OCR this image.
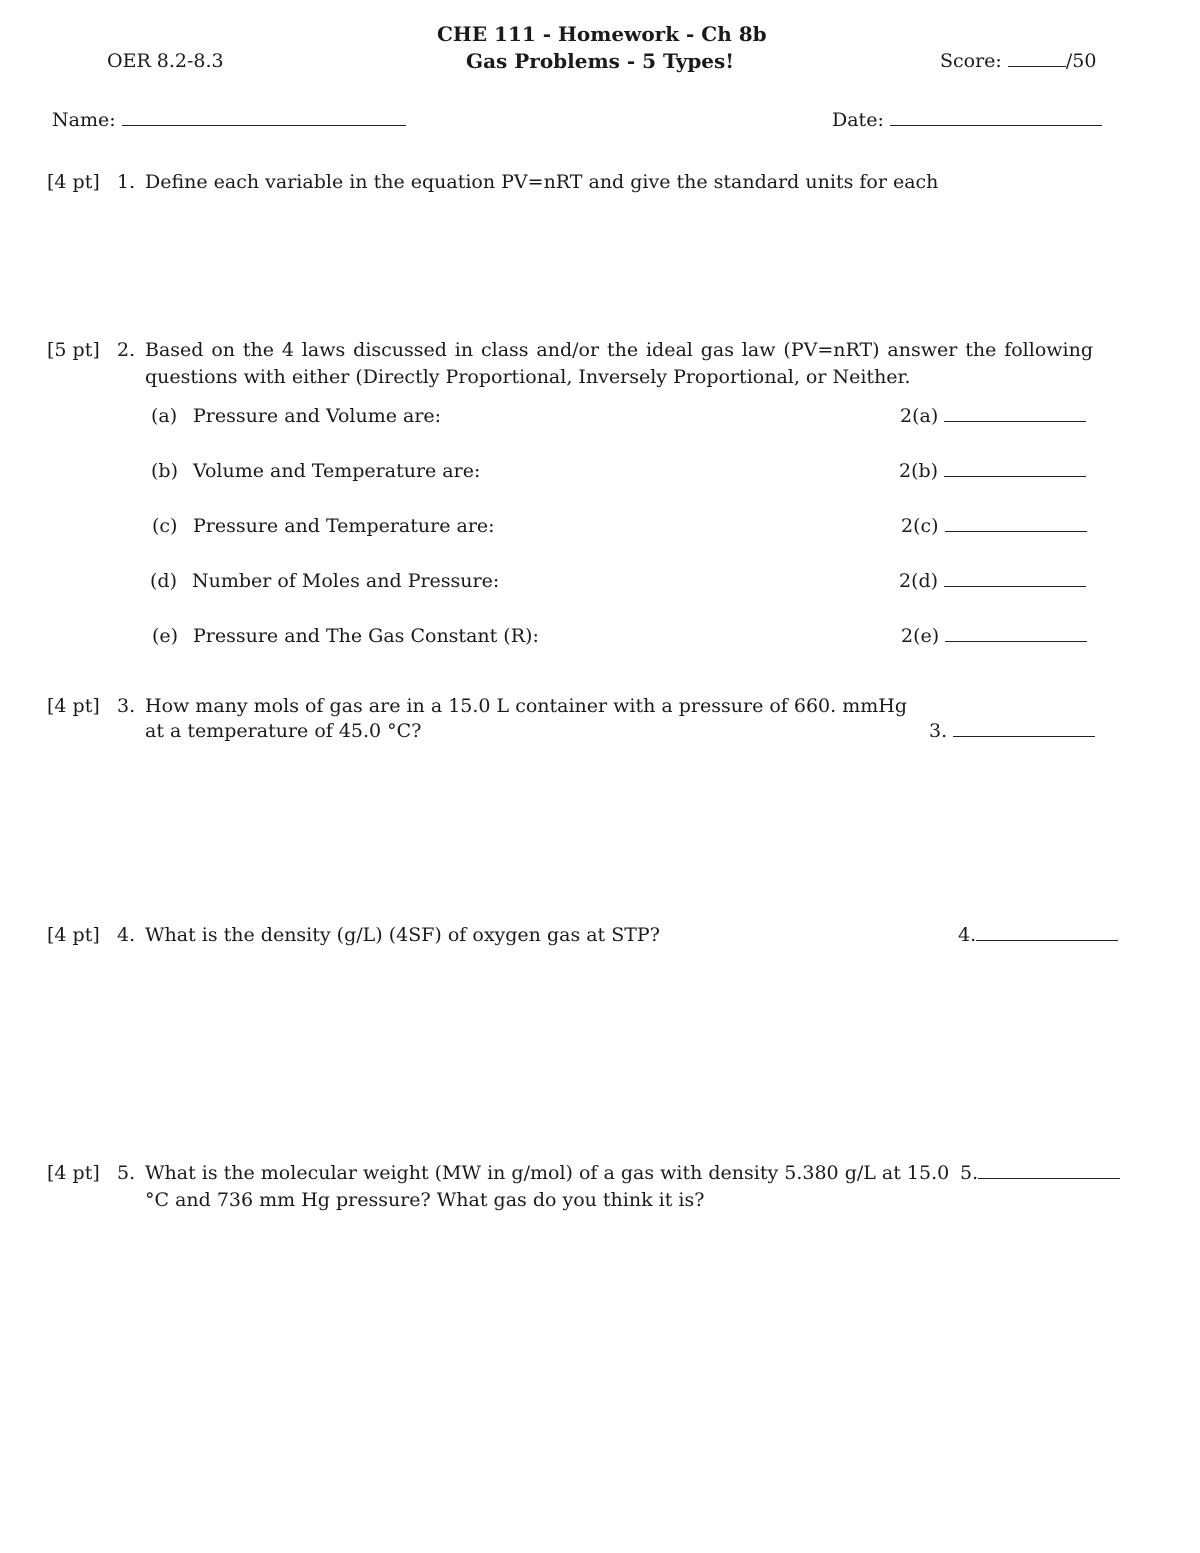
CHE 111 - Homework - Ch 8b
OER 8.2-8.3	Gas Problems - 5 Types!	Score:	/50
Name:	Date:
[4 pt] 1. Define each variable in the equation PV=nRT and give the standard units for each
[5 pt] 2. Based on the 4 laws discussed in class and/or the ideal gas law (PV=nRT) answer the following questions with either (Directly Proportional, Inversely Proportional, or Neither.
(a) Pressure and Volume are:	2(a)
(b) Volume and Temperature are:	2(b)
(c) Pressure and Temperature are:	2(c)
(d) Number of Moles and Pressure:	2(d)
(e) Pressure and The Gas Constant (R):	2(e)
[4 pt] 3. How many mols of gas are in a 15.0 L container with a pressure of 660. mmHg
at a temperature of 45.0 °C?	3.
[4 pt] 4. What is the density (g/L) (4SF) of oxygen gas at STP?	4.
[4 pt] 5. What is the molecular weight (MW in g/mol) of a gas with density 5.380 g/L at 15.0
°C and 736 mm Hg pressure? What gas do you think it is?
5.
